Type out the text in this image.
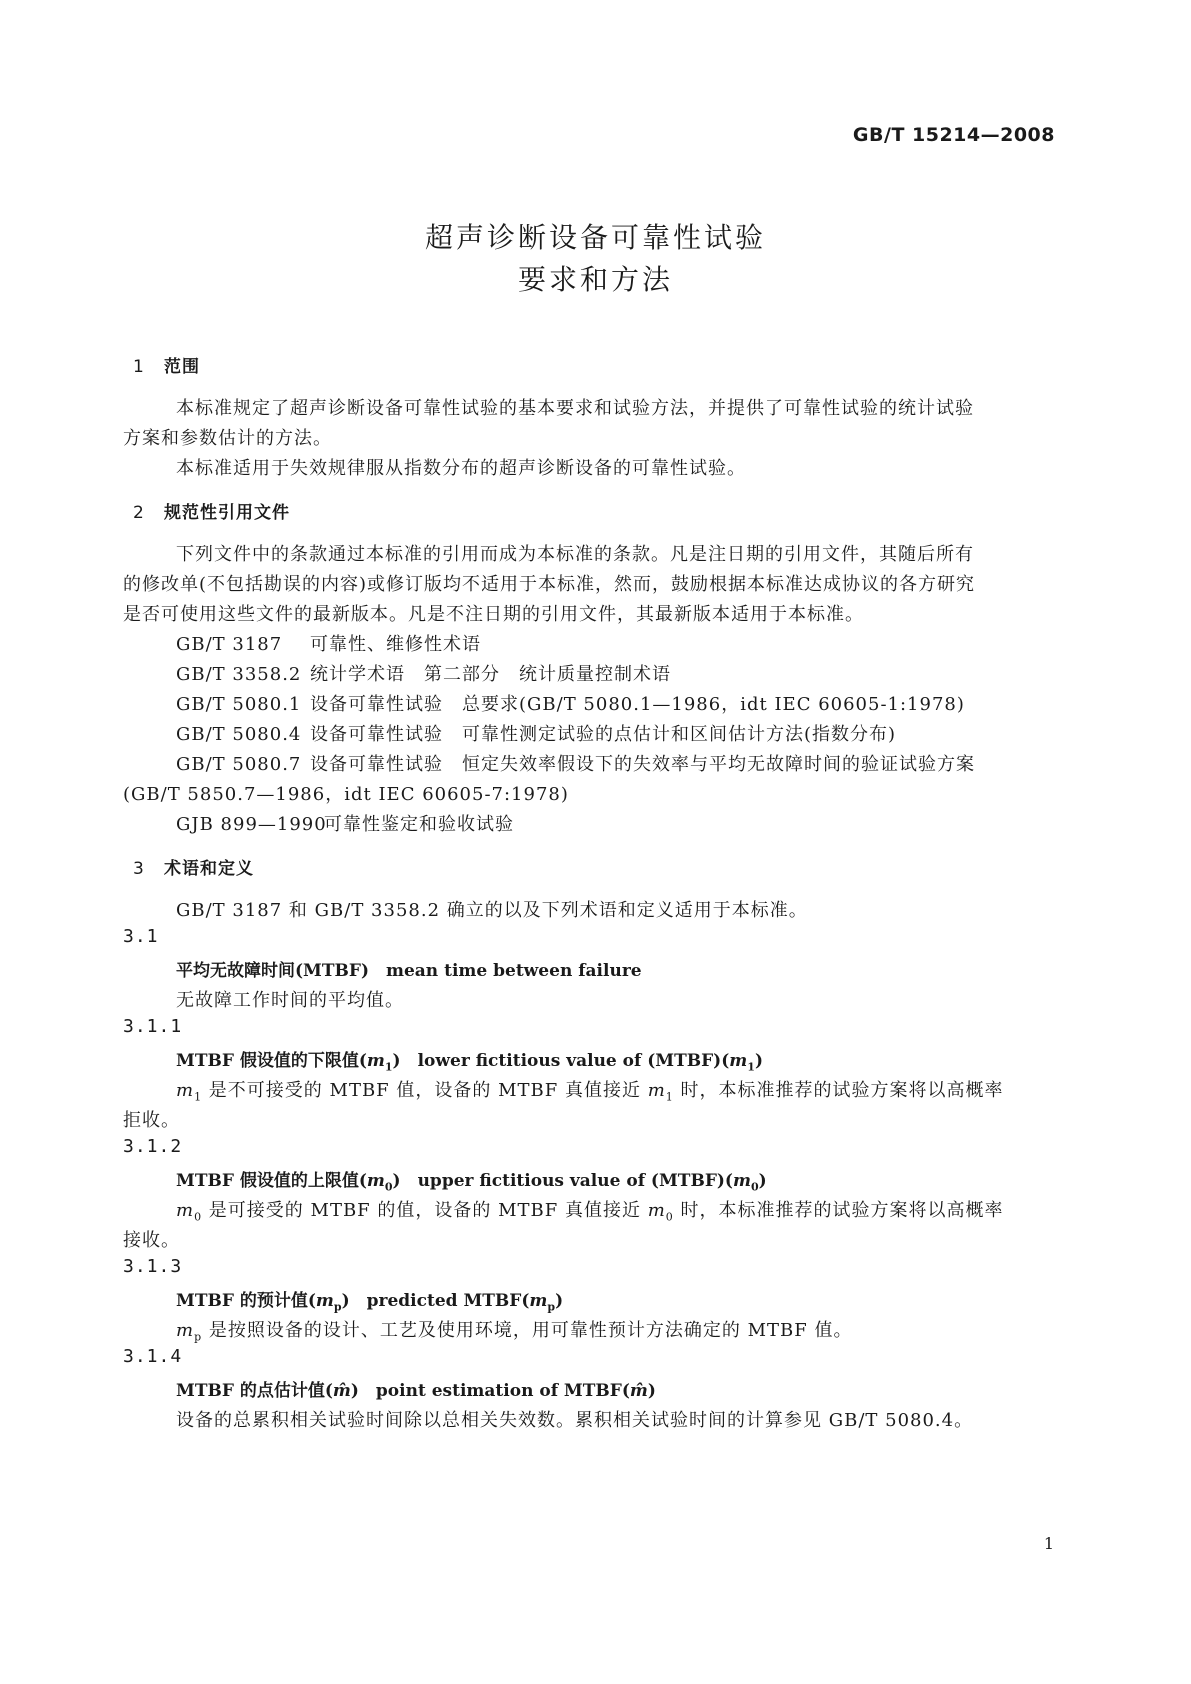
GB/T 15214—2008
超声诊断设备可靠性试验
要求和方法
1 范围
本标准规定了超声诊断设备可靠性试验的基本要求和试验方法，并提供了可靠性试验的统计试验
方案和参数估计的方法。
本标准适用于失效规律服从指数分布的超声诊断设备的可靠性试验。
2 规范性引用文件
下列文件中的条款通过本标准的引用而成为本标准的条款。凡是注日期的引用文件，其随后所有
的修改单(不包括勘误的内容)或修订版均不适用于本标准，然而，鼓励根据本标准达成协议的各方研究
是否可使用这些文件的最新版本。凡是不注日期的引用文件，其最新版本适用于本标准。
GB/T 3187 可靠性、维修性术语
GB/T 3358.2 统计学术语　第二部分　统计质量控制术语
GB/T 5080.1 设备可靠性试验　总要求(GB/T 5080.1—1986，idt IEC 60605-1:1978)
GB/T 5080.4 设备可靠性试验　可靠性测定试验的点估计和区间估计方法(指数分布)
GB/T 5080.7 设备可靠性试验　恒定失效率假设下的失效率与平均无故障时间的验证试验方案
(GB/T 5850.7—1986，idt IEC 60605-7:1978)
GJB 899—1990可靠性鉴定和验收试验
3 术语和定义
GB/T 3187 和 GB/T 3358.2 确立的以及下列术语和定义适用于本标准。
3.1
平均无故障时间(MTBF)　mean time between failure
无故障工作时间的平均值。
3.1.1
MTBF 假设值的下限值$(m_1)$　lower fictitious value of $(MTBF)(m_1)$
$m_1$ 是不可接受的 MTBF 值，设备的 MTBF 真值接近 $m_1$ 时，本标准推荐的试验方案将以高概率
拒收。
3.1.2
MTBF 假设值的上限值$(m_0)$　upper fictitious value of $(MTBF)(m_0)$
$m_0$ 是可接受的 MTBF 的值，设备的 MTBF 真值接近 $m_0$ 时，本标准推荐的试验方案将以高概率
接收。
3.1.3
MTBF 的预计值$(m_p)$　predicted $MTBF(m_p)$
$m_p$ 是按照设备的设计、工艺及使用环境，用可靠性预计方法确定的 MTBF 值。
3.1.4
MTBF 的点估计值(m̂)　point estimation of MTBF(m̂)
设备的总累积相关试验时间除以总相关失效数。累积相关试验时间的计算参见 GB/T 5080.4。
1
